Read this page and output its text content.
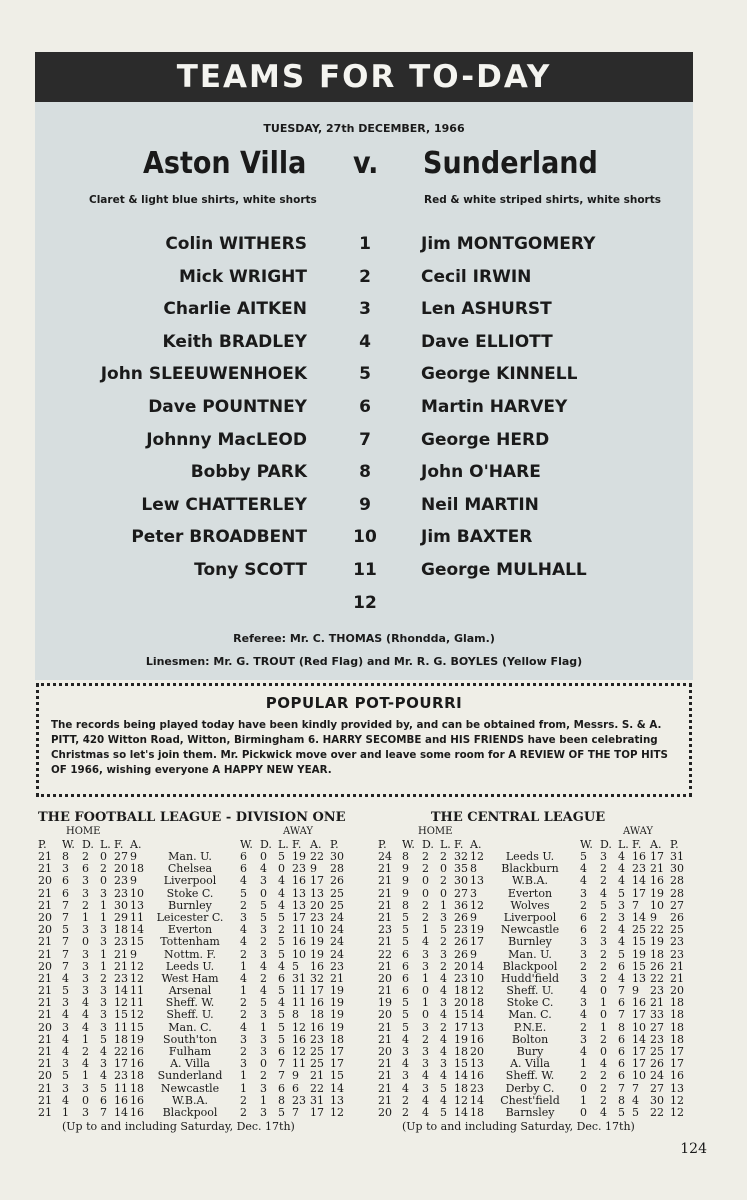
TEAMS FOR TO-DAY
TUESDAY, 27th DECEMBER, 1966
Aston Villa v. Sunderland
Claret & light blue shirts, white shorts	Red & white striped shirts, white shorts
Colin WITHERS	1	Jim MONTGOMERY
Mick WRIGHT	2	Cecil IRWIN
Charlie AITKEN	3	Len ASHURST
Keith BRADLEY	4	Dave ELLIOTT
John SLEEUWENHOEK	5	George KINNELL
Dave POUNTNEY	6	Martin HARVEY
Johnny MacLEOD	7	George HERD
Bobby PARK	8	John O'HARE
Lew CHATTERLEY	9	Neil MARTIN
Peter BROADBENT	10	Jim BAXTER
Tony SCOTT	11	George MULHALL
12
Referee: Mr. C. THOMAS (Rhondda, Glam.)
Linesmen: Mr. G. TROUT (Red Flag) and Mr. R. G. BOYLES (Yellow Flag)
POPULAR POT-POURRI
The records being played today have been kindly provided by, and can be obtained from, Messrs. S. & A. PITT, 420 Witton Road, Witton, Birmingham 6. HARRY SECOMBE and HIS FRIENDS have been celebrating Christmas so let's join them. Mr. Pickwick move over and leave some room for A REVIEW OF THE TOP HITS OF 1966, wishing everyone A HAPPY NEW YEAR.
THE FOOTBALL LEAGUE - DIVISION ONE
HOME	AWAY
P. W. D. L. F. A.	W. D. L. F. A. P.
21 8 2 0 27 9	Man. U.	6 0 5 19 22 30
21 3 6 2 20 18	Chelsea	6 4 0 23 9 28
20 6 3 0 23 9	Liverpool	4 3 4 16 17 26
21 6 3 3 23 10	Stoke C.	5 0 4 13 13 25
21 7 2 1 30 13	Burnley	2 5 4 13 20 25
20 7 1 1 29 11	Leicester C.	3 5 5 17 23 24
20 5 3 3 18 14	Everton	4 3 2 11 10 24
21 7 0 3 23 15	Tottenham	4 2 5 16 19 24
21 7 3 1 21 9	Nottm. F.	2 3 5 10 19 24
20 7 3 1 21 12	Leeds U.	1 4 4 5 16 23
21 4 3 2 23 12	West Ham	4 2 6 31 32 21
21 5 3 3 14 11	Arsenal	1 4 5 11 17 19
21 3 4 3 12 11	Sheff. W.	2 5 4 11 16 19
21 4 4 3 15 12	Sheff. U.	2 3 5 8 18 19
20 3 4 3 11 15	Man. C.	4 1 5 12 16 19
21 4 1 5 18 19	South'ton	3 3 5 16 23 18
21 4 2 4 22 16	Fulham	2 3 6 12 25 17
21 3 4 3 17 16	A. Villa	3 0 7 11 25 17
20 5 1 4 23 18	Sunderland	1 2 7 9 21 15
21 3 3 5 11 18	Newcastle	1 3 6 6 22 14
21 4 0 6 16 16	W.B.A.	2 1 8 23 31 13
21 1 3 7 14 16	Blackpool	2 3 5 7 17 12
(Up to and including Saturday, Dec. 17th)
THE CENTRAL LEAGUE
HOME	AWAY
P. W. D. L. F. A.	W. D. L. F. A. P.
24 8 2 2 32 12	Leeds U.	5 3 4 16 17 31
21 9 2 0 35 8	Blackburn	4 2 4 23 21 30
21 9 0 2 30 13	W.B.A.	4 2 4 14 16 28
21 9 0 0 27 3	Everton	3 4 5 17 19 28
21 8 2 1 36 12	Wolves	2 5 3 7 10 27
21 5 2 3 26 9	Liverpool	6 2 3 14 9 26
23 5 1 5 23 19	Newcastle	6 2 4 25 22 25
21 5 4 2 26 17	Burnley	3 3 4 15 19 23
22 6 3 3 26 9	Man. U.	3 2 5 19 18 23
21 6 3 2 20 14	Blackpool	2 2 6 15 26 21
20 6 1 4 23 10	Hudd'field	3 2 4 13 22 21
21 6 0 4 18 12	Sheff. U.	4 0 7 9 23 20
19 5 1 3 20 18	Stoke C.	3 1 6 16 21 18
20 5 0 4 15 14	Man. C.	4 0 7 17 33 18
21 5 3 2 17 13	P.N.E.	2 1 8 10 27 18
21 4 2 4 19 16	Bolton	3 2 6 14 23 18
20 3 3 4 18 20	Bury	4 0 6 17 25 17
21 4 3 3 15 13	A. Villa	1 4 6 17 26 17
21 3 4 4 14 16	Sheff. W.	2 2 6 10 24 16
21 4 3 5 18 23	Derby C.	0 2 7 7 27 13
21 2 4 4 12 14	Chest'field	1 2 8 4 30 12
20 2 4 5 14 18	Barnsley	0 4 5 5 22 12
(Up to and including Saturday, Dec. 17th)
124
